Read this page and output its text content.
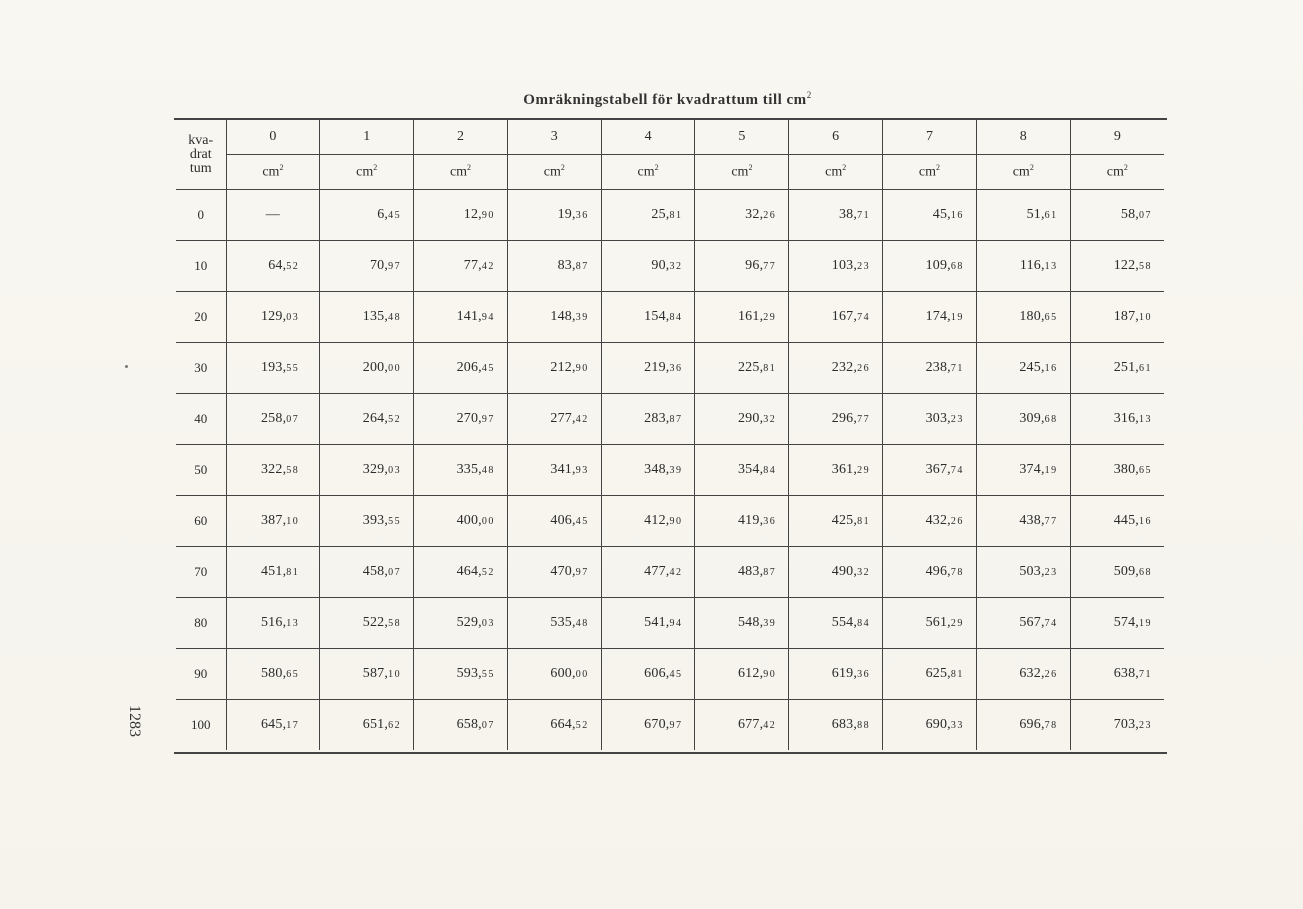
Omräkningstabell för kvadrattum till $cm^2$
kva-
drat
tum	0	1	2	3	4	5	6	7	8	9
	$cm^2$	$cm^2$	$cm^2$	$cm^2$	$cm^2$	$cm^2$	$cm^2$	$cm^2$	$cm^2$	$cm^2$
0	—	6,45	12,90	19,36	25,81	32,26	38,71	45,16	51,61	58,07
10	64,52	70,97	77,42	83,87	90,32	96,77	103,23	109,68	116,13	122,58
20	129,03	135,48	141,94	148,39	154,84	161,29	167,74	174,19	180,65	187,10
30	193,55	200,00	206,45	212,90	219,36	225,81	232,26	238,71	245,16	251,61
40	258,07	264,52	270,97	277,42	283,87	290,32	296,77	303,23	309,68	316,13
50	322,58	329,03	335,48	341,93	348,39	354,84	361,29	367,74	374,19	380,65
60	387,10	393,55	400,00	406,45	412,90	419,36	425,81	432,26	438,77	445,16
70	451,81	458,07	464,52	470,97	477,42	483,87	490,32	496,78	503,23	509,68
80	516,13	522,58	529,03	535,48	541,94	548,39	554,84	561,29	567,74	574,19
90	580,65	587,10	593,55	600,00	606,45	612,90	619,36	625,81	632,26	638,71
100	645,17	651,62	658,07	664,52	670,97	677,42	683,88	690,33	696,78	703,23
1283
